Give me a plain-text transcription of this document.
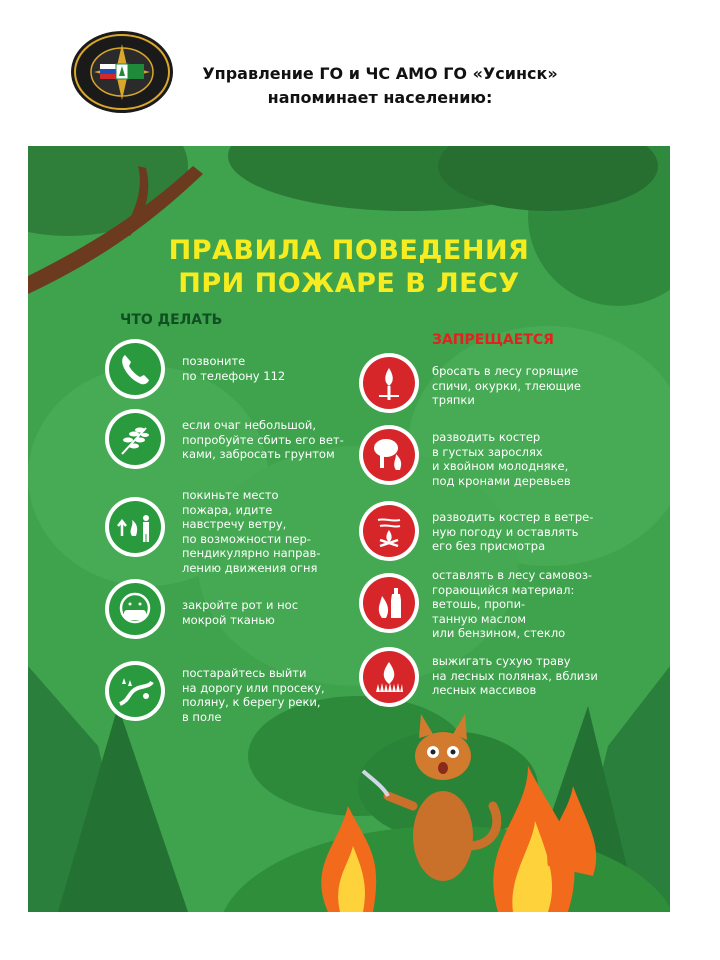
Управление ГО и ЧС АМО ГО «Усинск»
напоминает населению:
ПРАВИЛА ПОВЕДЕНИЯ
ПРИ ПОЖАРЕ В ЛЕСУ
ЧТО ДЕЛАТЬ
ЗАПРЕЩАЕТСЯ
позвоните
по телефону 112
если очаг небольшой,
попробуйте сбить его вет-
ками, забросать грунтом
покиньте место
пожара, идите
навстречу ветру,
по возможности пер-
пендикулярно направ-
лению движения огня
закройте рот и нос
мокрой тканью
постарайтесь выйти
на дорогу или просеку,
поляну, к берегу реки,
в поле
бросать в лесу горящие
спичи, окурки, тлеющие
тряпки
разводить костер
в густых зарослях
и хвойном молодняке,
под кронами деревьев
разводить костер в ветре-
ную погоду и оставлять
его без присмотра
оставлять в лесу самовоз-
горающийся материал:
ветошь, пропи-
танную маслом
или бензином, стекло
выжигать сухую траву
на лесных полянах, вблизи
лесных массивов
